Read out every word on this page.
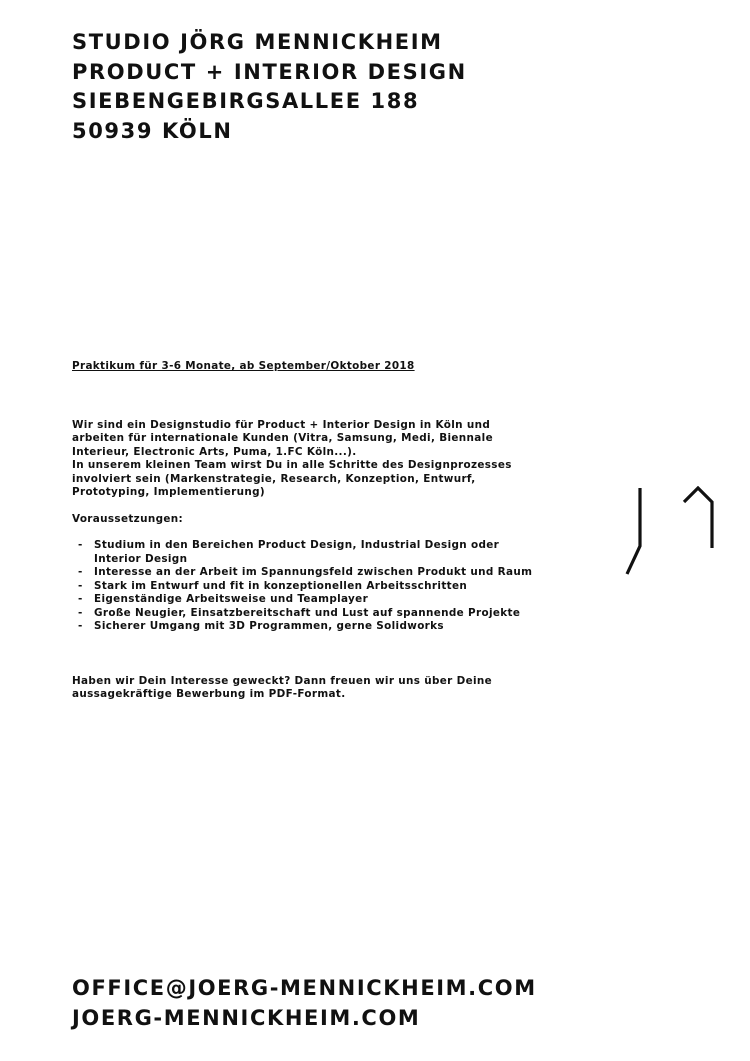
STUDIO JÖRG MENNICKHEIM
PRODUCT + INTERIOR DESIGN
SIEBENGEBIRGSALLEE 188
50939 KÖLN
Praktikum für 3-6 Monate, ab September/Oktober 2018

Wir sind ein Designstudio für Product + Interior Design in Köln und arbeiten für internationale Kunden (Vitra, Samsung, Medi, Biennale Interieur, Electronic Arts, Puma, 1.FC Köln...).

In unserem kleinen Team wirst Du in alle Schritte des Designprozesses involviert sein (Markenstrategie, Research, Konzeption, Entwurf, Prototyping, Implementierung)

Voraussetzungen:
- Studium in den Bereichen Product Design, Industrial Design oder Interior Design
- Interesse an der Arbeit im Spannungsfeld zwischen Produkt und Raum
- Stark im Entwurf und fit in konzeptionellen Arbeitsschritten
- Eigenständige Arbeitsweise und Teamplayer
- Große Neugier, Einsatzbereitschaft und Lust auf spannende Projekte
- Sicherer Umgang mit 3D Programmen, gerne Solidworks

Haben wir Dein Interesse geweckt? Dann freuen wir uns über Deine

aussagekräftige Bewerbung im PDF-Format.

OFFICE@JOERG-MENNICKHEIM.COM
JOERG-MENNICKHEIM.COM
